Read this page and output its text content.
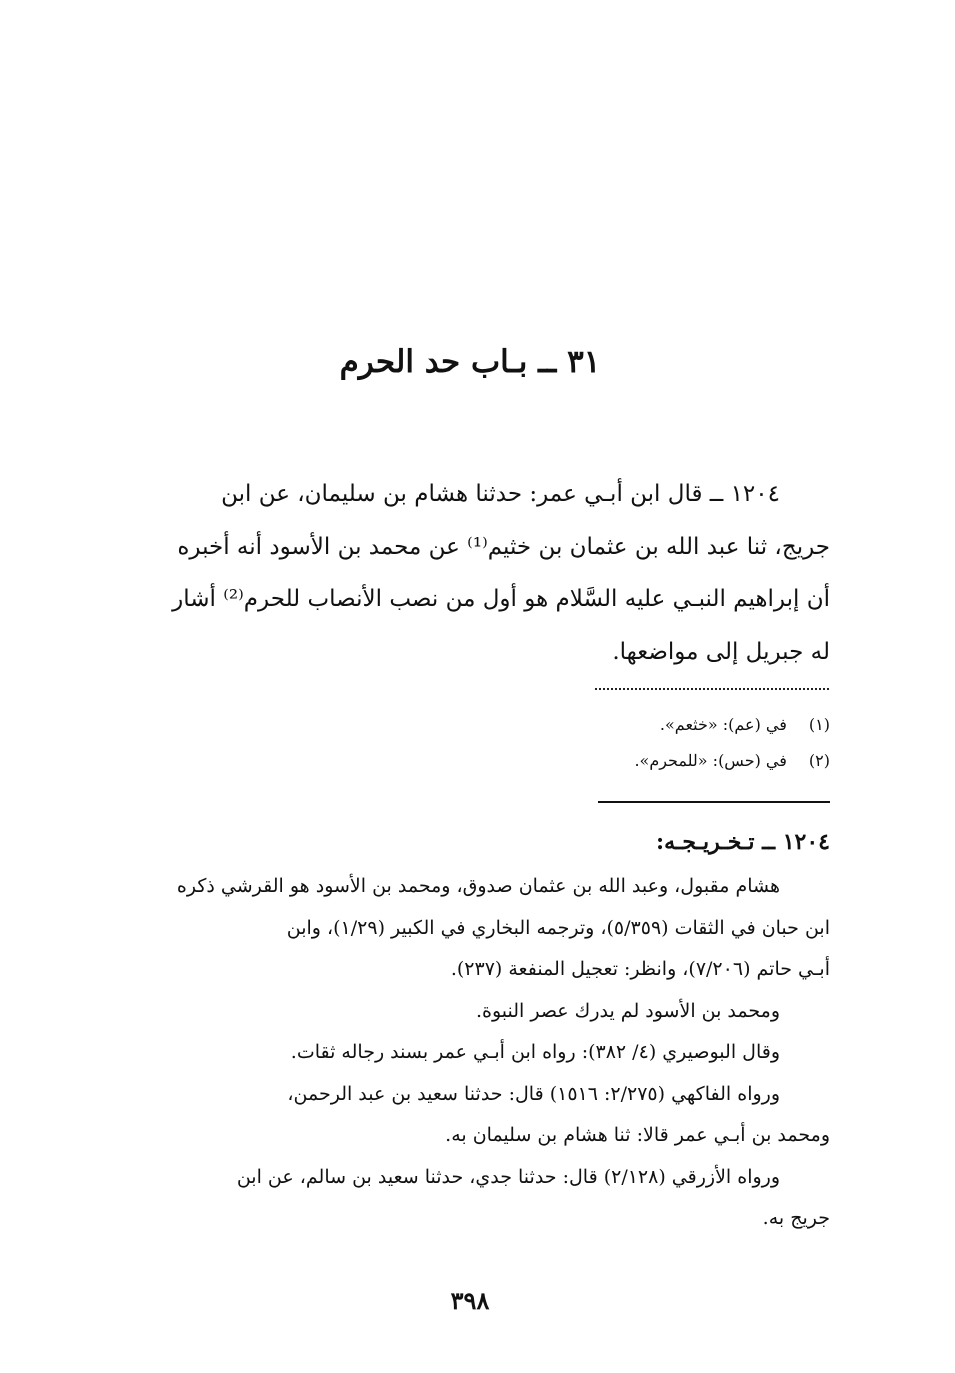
٣١ ــ بـاب حد الحرم
١٢٠٤ ــ قال ابن أبـي عمر: حدثنا هشام بن سليمان، عن ابن
جريج، ثنا عبد الله بن عثمان بن خثيم⁽¹⁾ عن محمد بن الأسود أنه أخبره
أن إبراهيم النبـي عليه السَّلام هو أول من نصب الأنصاب للحرم⁽²⁾ أشار
له جبريل إلى مواضعها.
(١) في (عم): «خثعم».
(٢) في (حس): «للمحرم».
١٢٠٤ ــ تـخـريـجـه:
هشام مقبول، وعبد الله بن عثمان صدوق، ومحمد بن الأسود هو القرشي ذكره
ابن حبان في الثقات (٥/٣٥٩)، وترجمه البخاري في الكبير (١/٢٩)، وابن
أبـي حاتم (٧/٢٠٦)، وانظر: تعجيل المنفعة (٢٣٧).
ومحمد بن الأسود لم يدرك عصر النبوة.
وقال البوصيري (٤/ ٣٨٢): رواه ابن أبـي عمر بسند رجاله ثقات.
ورواه الفاكهي (٢/٢٧٥: ١٥١٦) قال: حدثنا سعيد بن عبد الرحمن،
ومحمد بن أبـي عمر قالا: ثنا هشام بن سليمان به.
ورواه الأزرقي (٢/١٢٨) قال: حدثنا جدي، حدثنا سعيد بن سالم، عن ابن
جريج به.
٣٩٨
